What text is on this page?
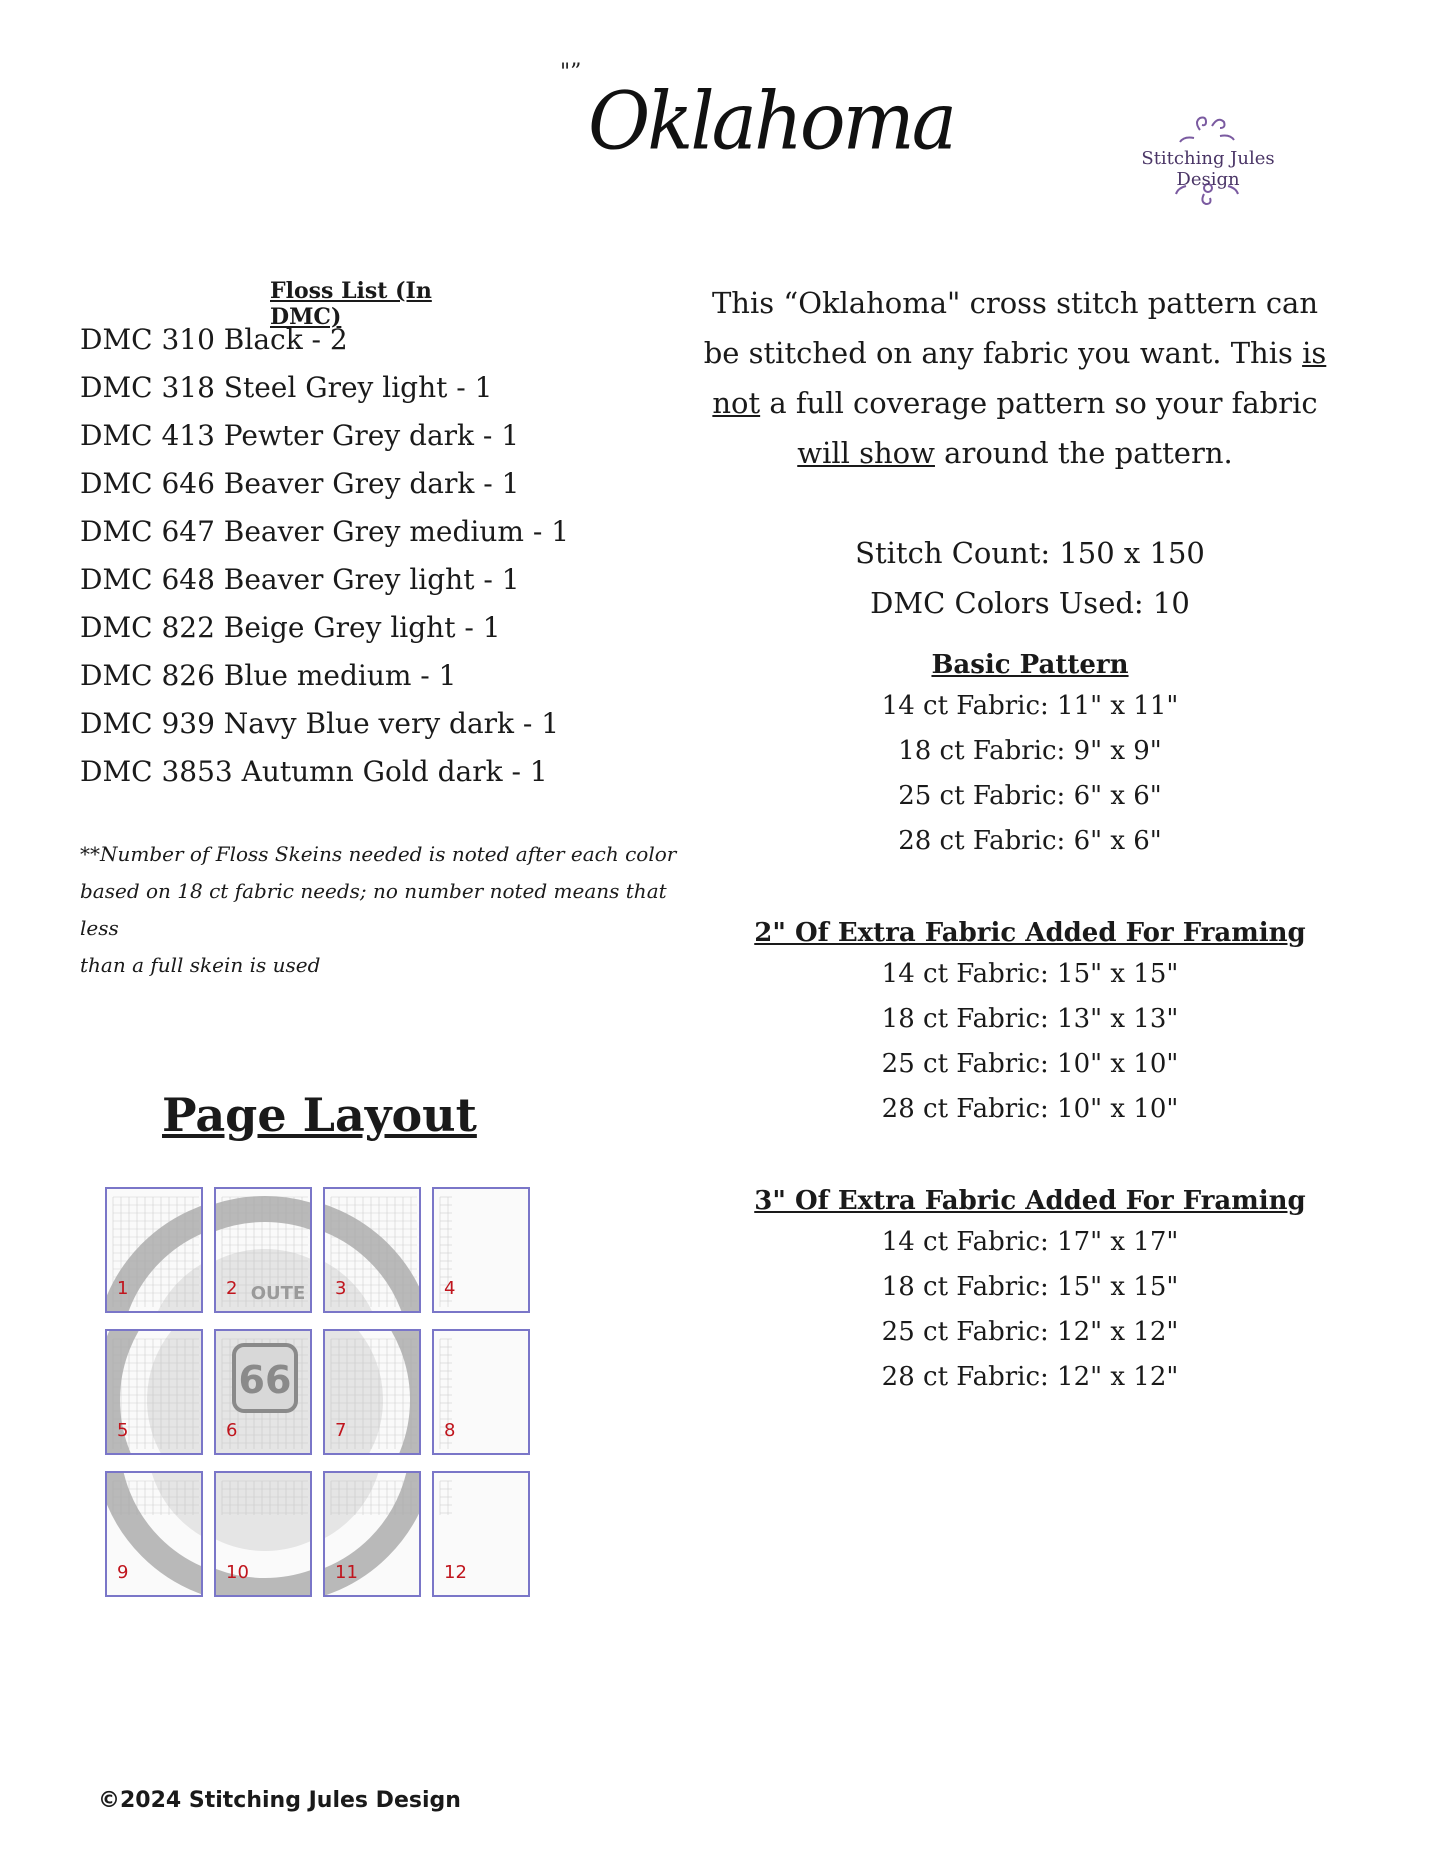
"”
Oklahoma	Stitching Jules Design
Floss List (In DMC)
DMC 310 Black - 2
DMC 318 Steel Grey light - 1
DMC 413 Pewter Grey dark - 1
DMC 646 Beaver Grey dark - 1
DMC 647 Beaver Grey medium - 1
DMC 648 Beaver Grey light - 1
DMC 822 Beige Grey light - 1
DMC 826 Blue medium - 1
DMC 939 Navy Blue very dark - 1
DMC 3853 Autumn Gold dark - 1
**Number of Floss Skeins needed is noted after each color
based on 18 ct fabric needs; no number noted means that less
than a full skein is used
This “Oklahoma" cross stitch pattern can be stitched on any fabric you want. This is not a full coverage pattern so your fabric will show around the pattern.
Stitch Count: 150 x 150
DMC Colors Used: 10
Basic Pattern
14 ct Fabric: 11" x 11"
18 ct Fabric: 9" x 9"
25 ct Fabric: 6" x 6"
28 ct Fabric: 6" x 6"
2" Of Extra Fabric Added For Framing
14 ct Fabric: 15" x 15"
18 ct Fabric: 13" x 13"
25 ct Fabric: 10" x 10"
28 ct Fabric: 10" x 10"
3" Of Extra Fabric Added For Framing
14 ct Fabric: 17" x 17"
18 ct Fabric: 15" x 15"
25 ct Fabric: 12" x 12"
28 ct Fabric: 12" x 12"
Page Layout
1	OUTE
2	3	4
5
66
6	7	8
9	10	11	12
©2024 Stitching Jules Design
